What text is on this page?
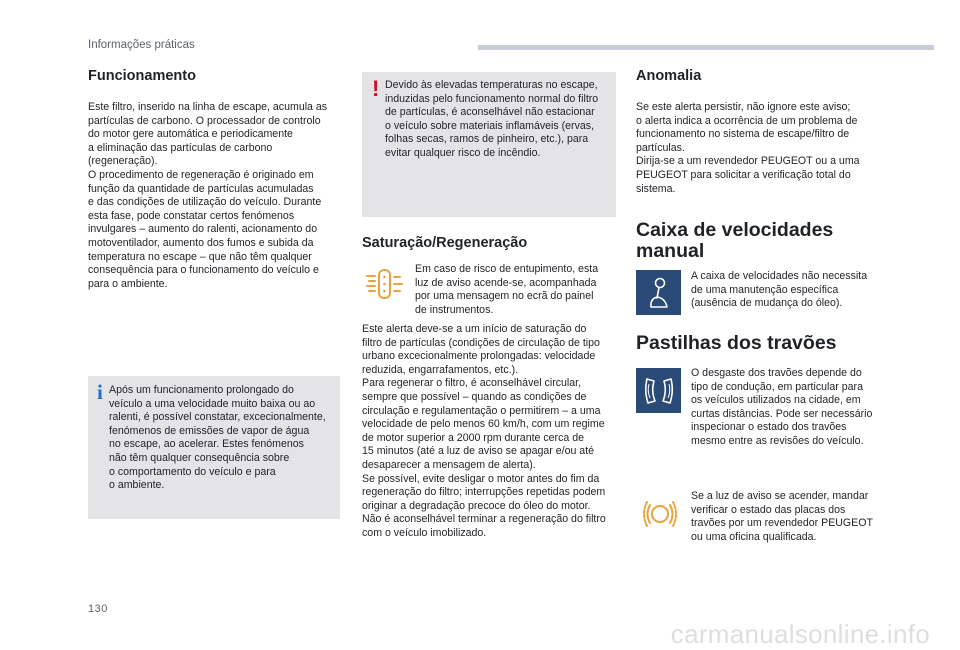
Informações práticas
130
carmanualsonline.info
Funcionamento

Este filtro, inserido na linha de escape, acumula as
partículas de carbono. O processador de controlo
do motor gere automática e periodicamente
a eliminação das partículas de carbono
(regeneração).
O procedimento de regeneração é originado em
função da quantidade de partículas acumuladas
e das condições de utilização do veículo. Durante
esta fase, pode constatar certos fenómenos
invulgares – aumento do ralenti, acionamento do
motoventilador, aumento dos fumos e subida da
temperatura no escape – que não têm qualquer
consequência para o funcionamento do veículo e
para o ambiente.

i Após um funcionamento prolongado do
veículo a uma velocidade muito baixa ou ao
ralenti, é possível constatar, excecionalmente,
fenómenos de emissões de vapor de água
no escape, ao acelerar. Estes fenómenos
não têm qualquer consequência sobre
o comportamento do veículo e para
o ambiente.

! Devido às elevadas temperaturas no escape,
induzidas pelo funcionamento normal do filtro
de partículas, é aconselhável não estacionar
o veículo sobre materiais inflamáveis (ervas,
folhas secas, ramos de pinheiro, etc.), para
evitar qualquer risco de incêndio.

Saturação/Regeneração

Em caso de risco de entupimento, esta
luz de aviso acende-se, acompanhada
por uma mensagem no ecrã do painel
de instrumentos.

Este alerta deve-se a um início de saturação do
filtro de partículas (condições de circulação de tipo
urbano excecionalmente prolongadas: velocidade
reduzida, engarrafamentos, etc.).
Para regenerar o filtro, é aconselhável circular,
sempre que possível – quando as condições de
circulação e regulamentação o permitirem – a uma
velocidade de pelo menos 60 km/h, com um regime
de motor superior a 2000 rpm durante cerca de
15 minutos (até a luz de aviso se apagar e/ou até
desaparecer a mensagem de alerta).
Se possível, evite desligar o motor antes do fim da
regeneração do filtro; interrupções repetidas podem
originar a degradação precoce do óleo do motor.
Não é aconselhável terminar a regeneração do filtro
com o veículo imobilizado.

Anomalia

Se este alerta persistir, não ignore este aviso;
o alerta indica a ocorrência de um problema de
funcionamento no sistema de escape/filtro de
partículas.
Dirija-se a um revendedor PEUGEOT ou a uma
PEUGEOT para solicitar a verificação total do
sistema.

Caixa de velocidades
manual

A caixa de velocidades não necessita
de uma manutenção específica
(ausência de mudança do óleo).

Pastilhas dos travões

O desgaste dos travões depende do
tipo de condução, em particular para
os veículos utilizados na cidade, em
curtas distâncias. Pode ser necessário
inspecionar o estado dos travões
mesmo entre as revisões do veículo.

Se a luz de aviso se acender, mandar
verificar o estado das placas dos
travões por um revendedor PEUGEOT
ou uma oficina qualificada.
